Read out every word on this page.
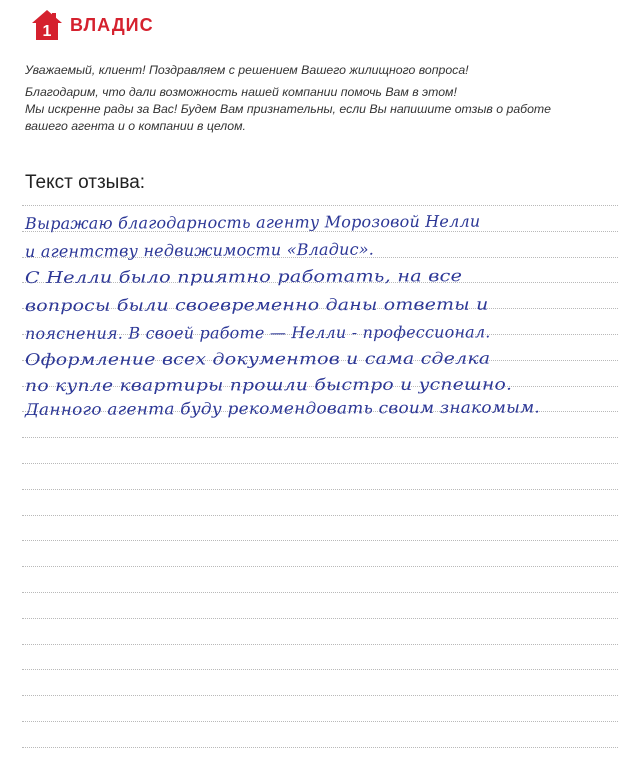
1 ВЛАДИС

Уважаемый, клиент! Поздравляем с решением Вашего жилищного вопроса!

Благодарим, что дали возможность нашей компании помочь Вам в этом!

Мы искренне рады за Вас! Будем Вам признательны, если Вы напишите отзыв о работе

вашего агента и о компании в целом.

Текст отзыва:
Выражаю благодарность агенту Морозовой Нелли
и агентству недвижимости «Владис».
С Нелли было приятно работать, на все
вопросы были своевременно даны ответы и
пояснения. В своей работе — Нелли - профессионал.
Оформление всех документов и сама сделка
по купле квартиры прошли быстро и успешно.
Данного агента буду рекомендовать своим знакомым.
